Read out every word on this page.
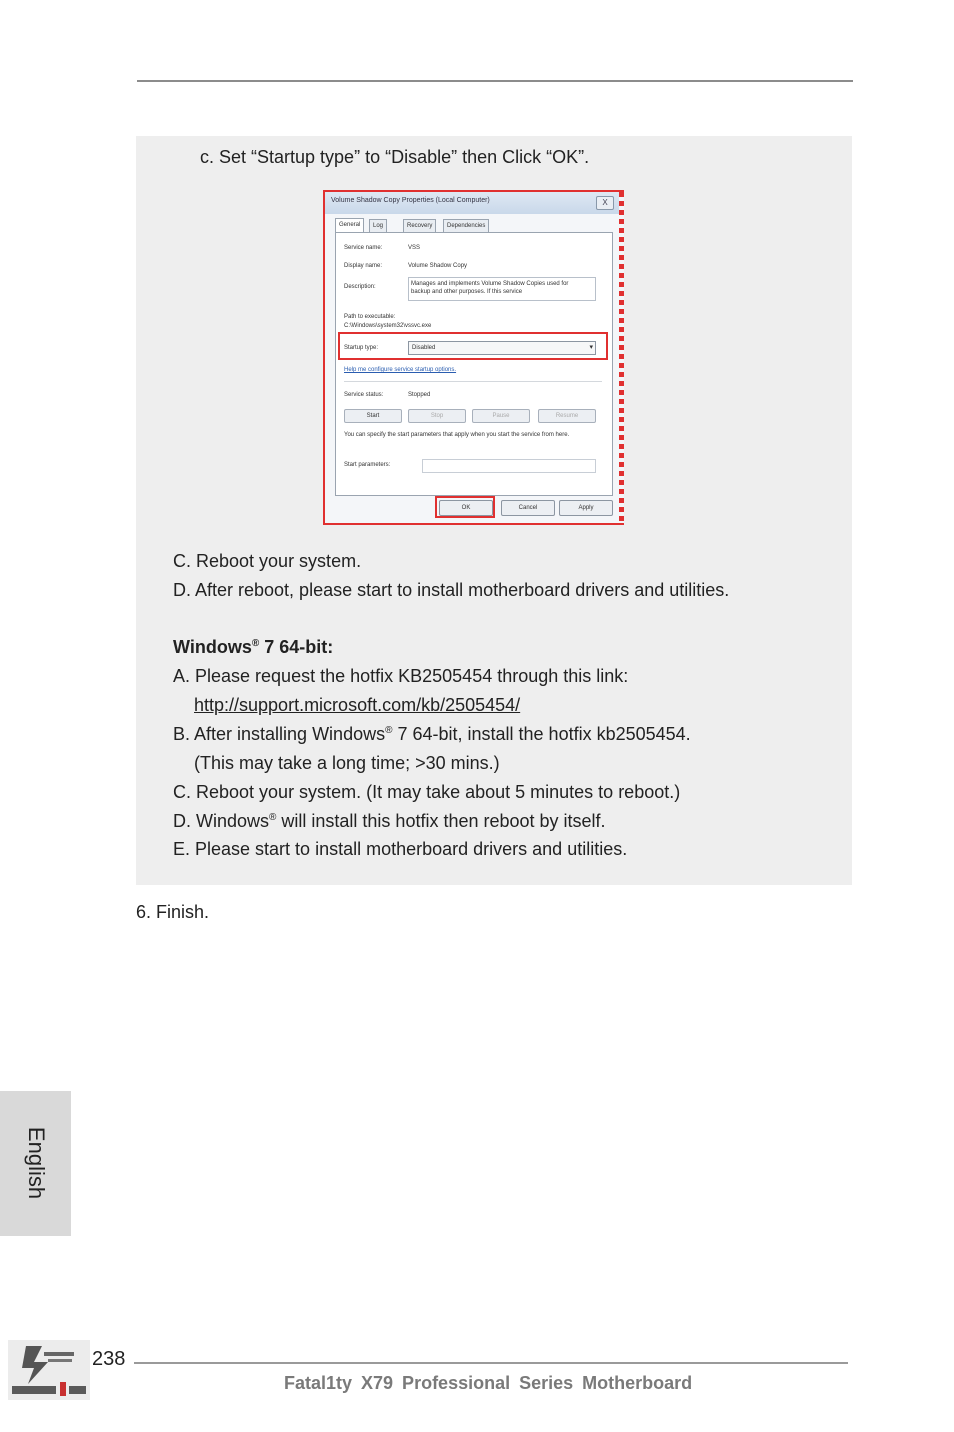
c. Set “Startup type” to “Disable” then Click “OK”.
Volume Shadow Copy Properties (Local Computer)	X
General	Log	Recovery	Dependencies
Service name:	VSS
Display name:	Volume Shadow Copy
Description:	Manages and implements Volume Shadow Copies used for backup and other purposes. If this service
Path to executable:
C:\Windows\system32\vssvc.exe
Startup type:	Disabled	▾
Help me configure service startup options.
Service status:	Stopped
Start	Stop	Pause	Resume
You can specify the start parameters that apply when you start the service from here.
Start parameters:
OK	Cancel	Apply
C. Reboot your system.
D. After reboot, please start to install motherboard drivers and utilities.
Windows® 7 64-bit:
A. Please request the hotfix KB2505454 through this link:
http://support.microsoft.com/kb/2505454/
B. After installing Windows® 7 64-bit, install the hotfix kb2505454.
(This may take a long time; >30 mins.)
C. Reboot your system. (It may take about 5 minutes to reboot.)
D. Windows® will install this hotfix then reboot by itself.
E. Please start to install motherboard drivers and utilities.
6. Finish.
English
238
Fatal1ty X79 Professional Series Motherboard
